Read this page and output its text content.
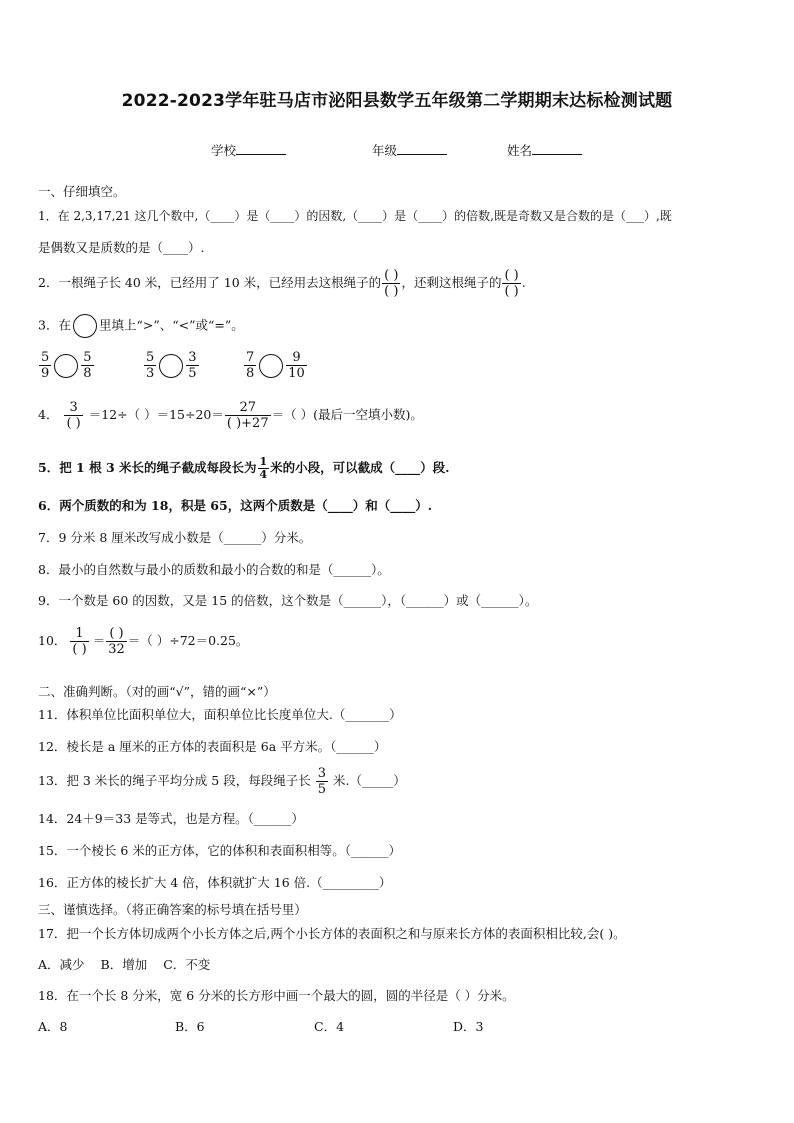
2022-2023学年驻马店市泌阳县数学五年级第二学期期末达标检测试题
学校	年级	姓名
一、仔细填空。
1．在 2,3,17,21 这几个数中,（____）是（____）的因数,（____）是（____）的倍数,既是奇数又是合数的是（___）,既
是偶数又是质数的是（____）.
2．一根绳子长 40 米，已经用了 10 米，已经用去这根绳子的 $\frac{( )}{( )}$ ，还剩这根绳子的 $\frac{( )}{( )}$ .
3．在 里填上“>”、“<”或“=”。
$\frac{5}{9} \frac{5}{8}$	$\frac{5}{3} \frac{3}{5}$	$\frac{7}{8} \frac{9}{10}$
4． $\frac{3}{( )} =12\div$（ ）$=15\div 20= \frac{27}{( )+27}$ ＝（ ）(最后一空填小数)。
5．把 1 根 3 米长的绳子截成每段长为 $\frac{1}{4}$ 米的小段，可以截成（____）段.
6．两个质数的和为 18，积是 65，这两个质数是（____）和（____）.
7．9 分米 8 厘米改写成小数是（______）分米。
8．最小的自然数与最小的质数和最小的合数的和是（______）。
9．一个数是 60 的因数，又是 15 的倍数，这个数是（______），（______）或（______）。
10． $\frac{1}{( )} = \frac{( )}{32}$ ＝（ ）÷72＝0.25。
二、准确判断。（对的画“√”，错的画“×”）
11．体积单位比面积单位大，面积单位比长度单位大.（_______）
12．棱长是 a 厘米的正方体的表面积是 6a 平方米。（______）
13．把 3 米长的绳子平均分成 5 段，每段绳子长 $\frac{3}{5}$ 米.（_____）
14．24＋9＝33 是等式，也是方程。（______）
15．一个棱长 6 米的正方体，它的体积和表面积相等。（______）
16．正方体的棱长扩大 4 倍，体积就扩大 16 倍.（_________）
三、谨慎选择。（将正确答案的标号填在括号里）
17．把一个长方体切成两个小长方体之后,两个小长方体的表面积之和与原来长方体的表面积相比较,会( )。
A．减少 B．增加 C．不变
18．在一个长 8 分米，宽 6 分米的长方形中画一个最大的圆，圆的半径是（ ）分米。
A．8	B．6	C．4	D．3
